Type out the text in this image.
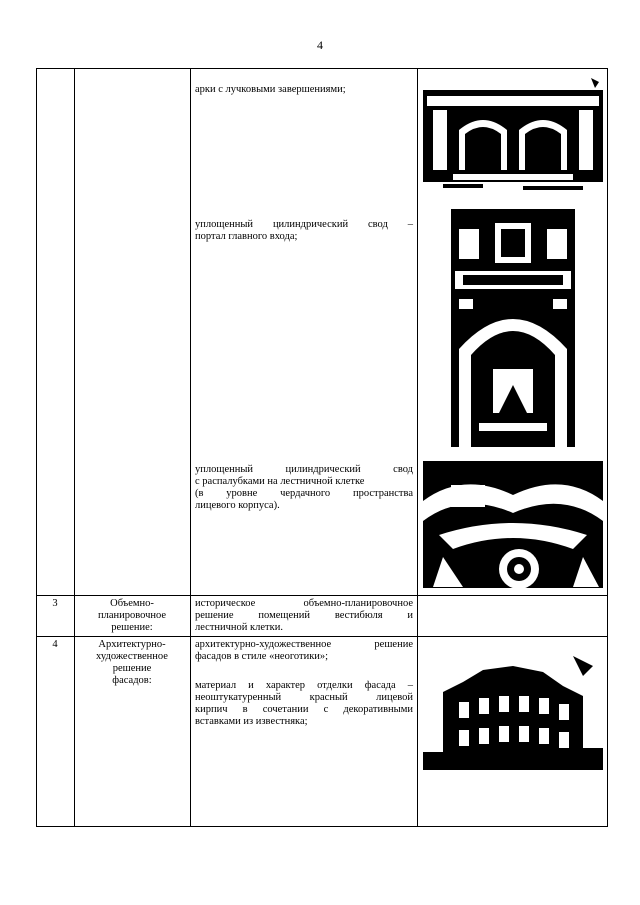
4
арки с лучковыми завершениями;
уплощенный цилиндрический свод –
портал главного входа;
уплощенный цилиндрический свод
с распалубками на лестничной клетке
(в уровне чердачного пространства
лицевого корпуса).
3	Объемно-
планировочное
решение:
историческое объемно-планировочное
решение помещений вестибюля и
лестничной клетки.
4	Архитектурно-
художественное
решение
фасадов:
архитектурно-художественное решение
фасадов в стиле «неоготики»;
материал и характер отделки фасада –
неоштукатуренный красный лицевой
кирпич в сочетании с декоративными
вставками из известняка;
